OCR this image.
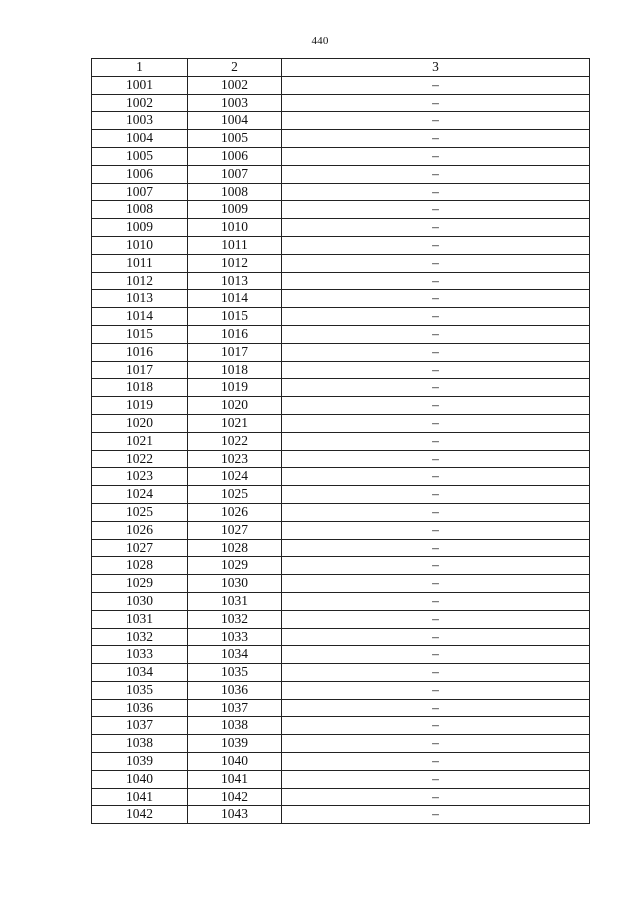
440
1	2	3
1001	1002	–
1002	1003	–
1003	1004	–
1004	1005	–
1005	1006	–
1006	1007	–
1007	1008	–
1008	1009	–
1009	1010	–
1010	1011	–
1011	1012	–
1012	1013	–
1013	1014	–
1014	1015	–
1015	1016	–
1016	1017	–
1017	1018	–
1018	1019	–
1019	1020	–
1020	1021	–
1021	1022	–
1022	1023	–
1023	1024	–
1024	1025	–
1025	1026	–
1026	1027	–
1027	1028	–
1028	1029	–
1029	1030	–
1030	1031	–
1031	1032	–
1032	1033	–
1033	1034	–
1034	1035	–
1035	1036	–
1036	1037	–
1037	1038	–
1038	1039	–
1039	1040	–
1040	1041	–
1041	1042	–
1042	1043	–
